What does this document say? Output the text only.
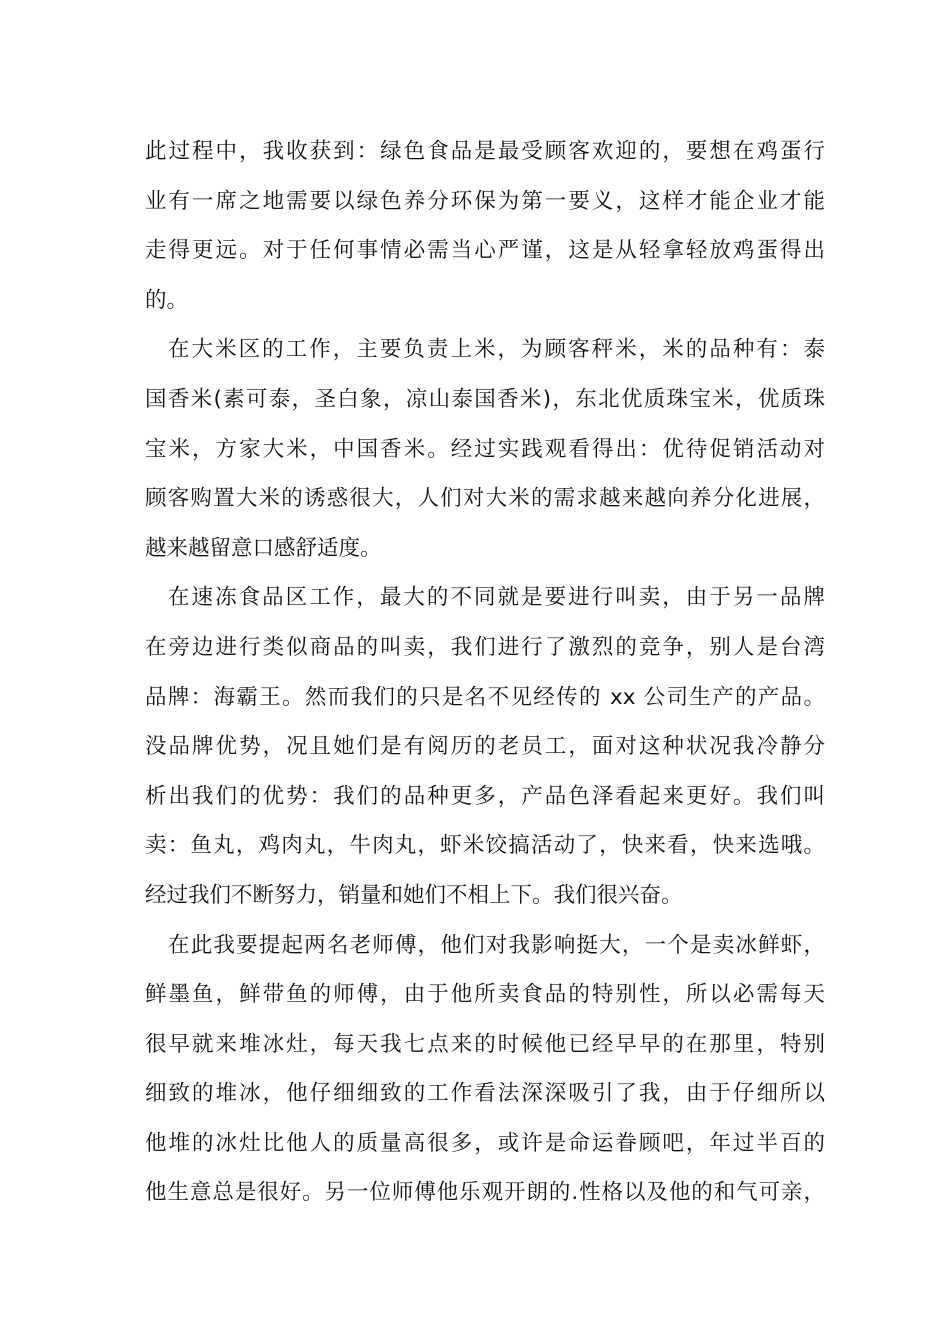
此过程中，我收获到：绿色食品是最受顾客欢迎的，要想在鸡蛋行
业有一席之地需要以绿色养分环保为第一要义，这样才能企业才能
走得更远。对于任何事情必需当心严谨，这是从轻拿轻放鸡蛋得出
的。
在大米区的工作，主要负责上米，为顾客秤米，米的品种有：泰
国香米(素可泰，圣白象，凉山泰国香米)，东北优质珠宝米，优质珠
宝米，方家大米，中国香米。经过实践观看得出：优待促销活动对
顾客购置大米的诱惑很大，人们对大米的需求越来越向养分化进展，
越来越留意口感舒适度。
在速冻食品区工作，最大的不同就是要进行叫卖，由于另一品牌
在旁边进行类似商品的叫卖，我们进行了激烈的竞争，别人是台湾
品牌：海霸王。然而我们的只是名不见经传的 xx 公司生产的产品。
没品牌优势，况且她们是有阅历的老员工，面对这种状况我冷静分
析出我们的优势：我们的品种更多，产品色泽看起来更好。我们叫
卖：鱼丸，鸡肉丸，牛肉丸，虾米饺搞活动了，快来看，快来选哦。
经过我们不断努力，销量和她们不相上下。我们很兴奋。
在此我要提起两名老师傅，他们对我影响挺大，一个是卖冰鲜虾，
鲜墨鱼，鲜带鱼的师傅，由于他所卖食品的特别性，所以必需每天
很早就来堆冰灶，每天我七点来的时候他已经早早的在那里，特别
细致的堆冰，他仔细细致的工作看法深深吸引了我，由于仔细所以
他堆的冰灶比他人的质量高很多，或许是命运眷顾吧，年过半百的
他生意总是很好。另一位师傅他乐观开朗的.性格以及他的和气可亲，
